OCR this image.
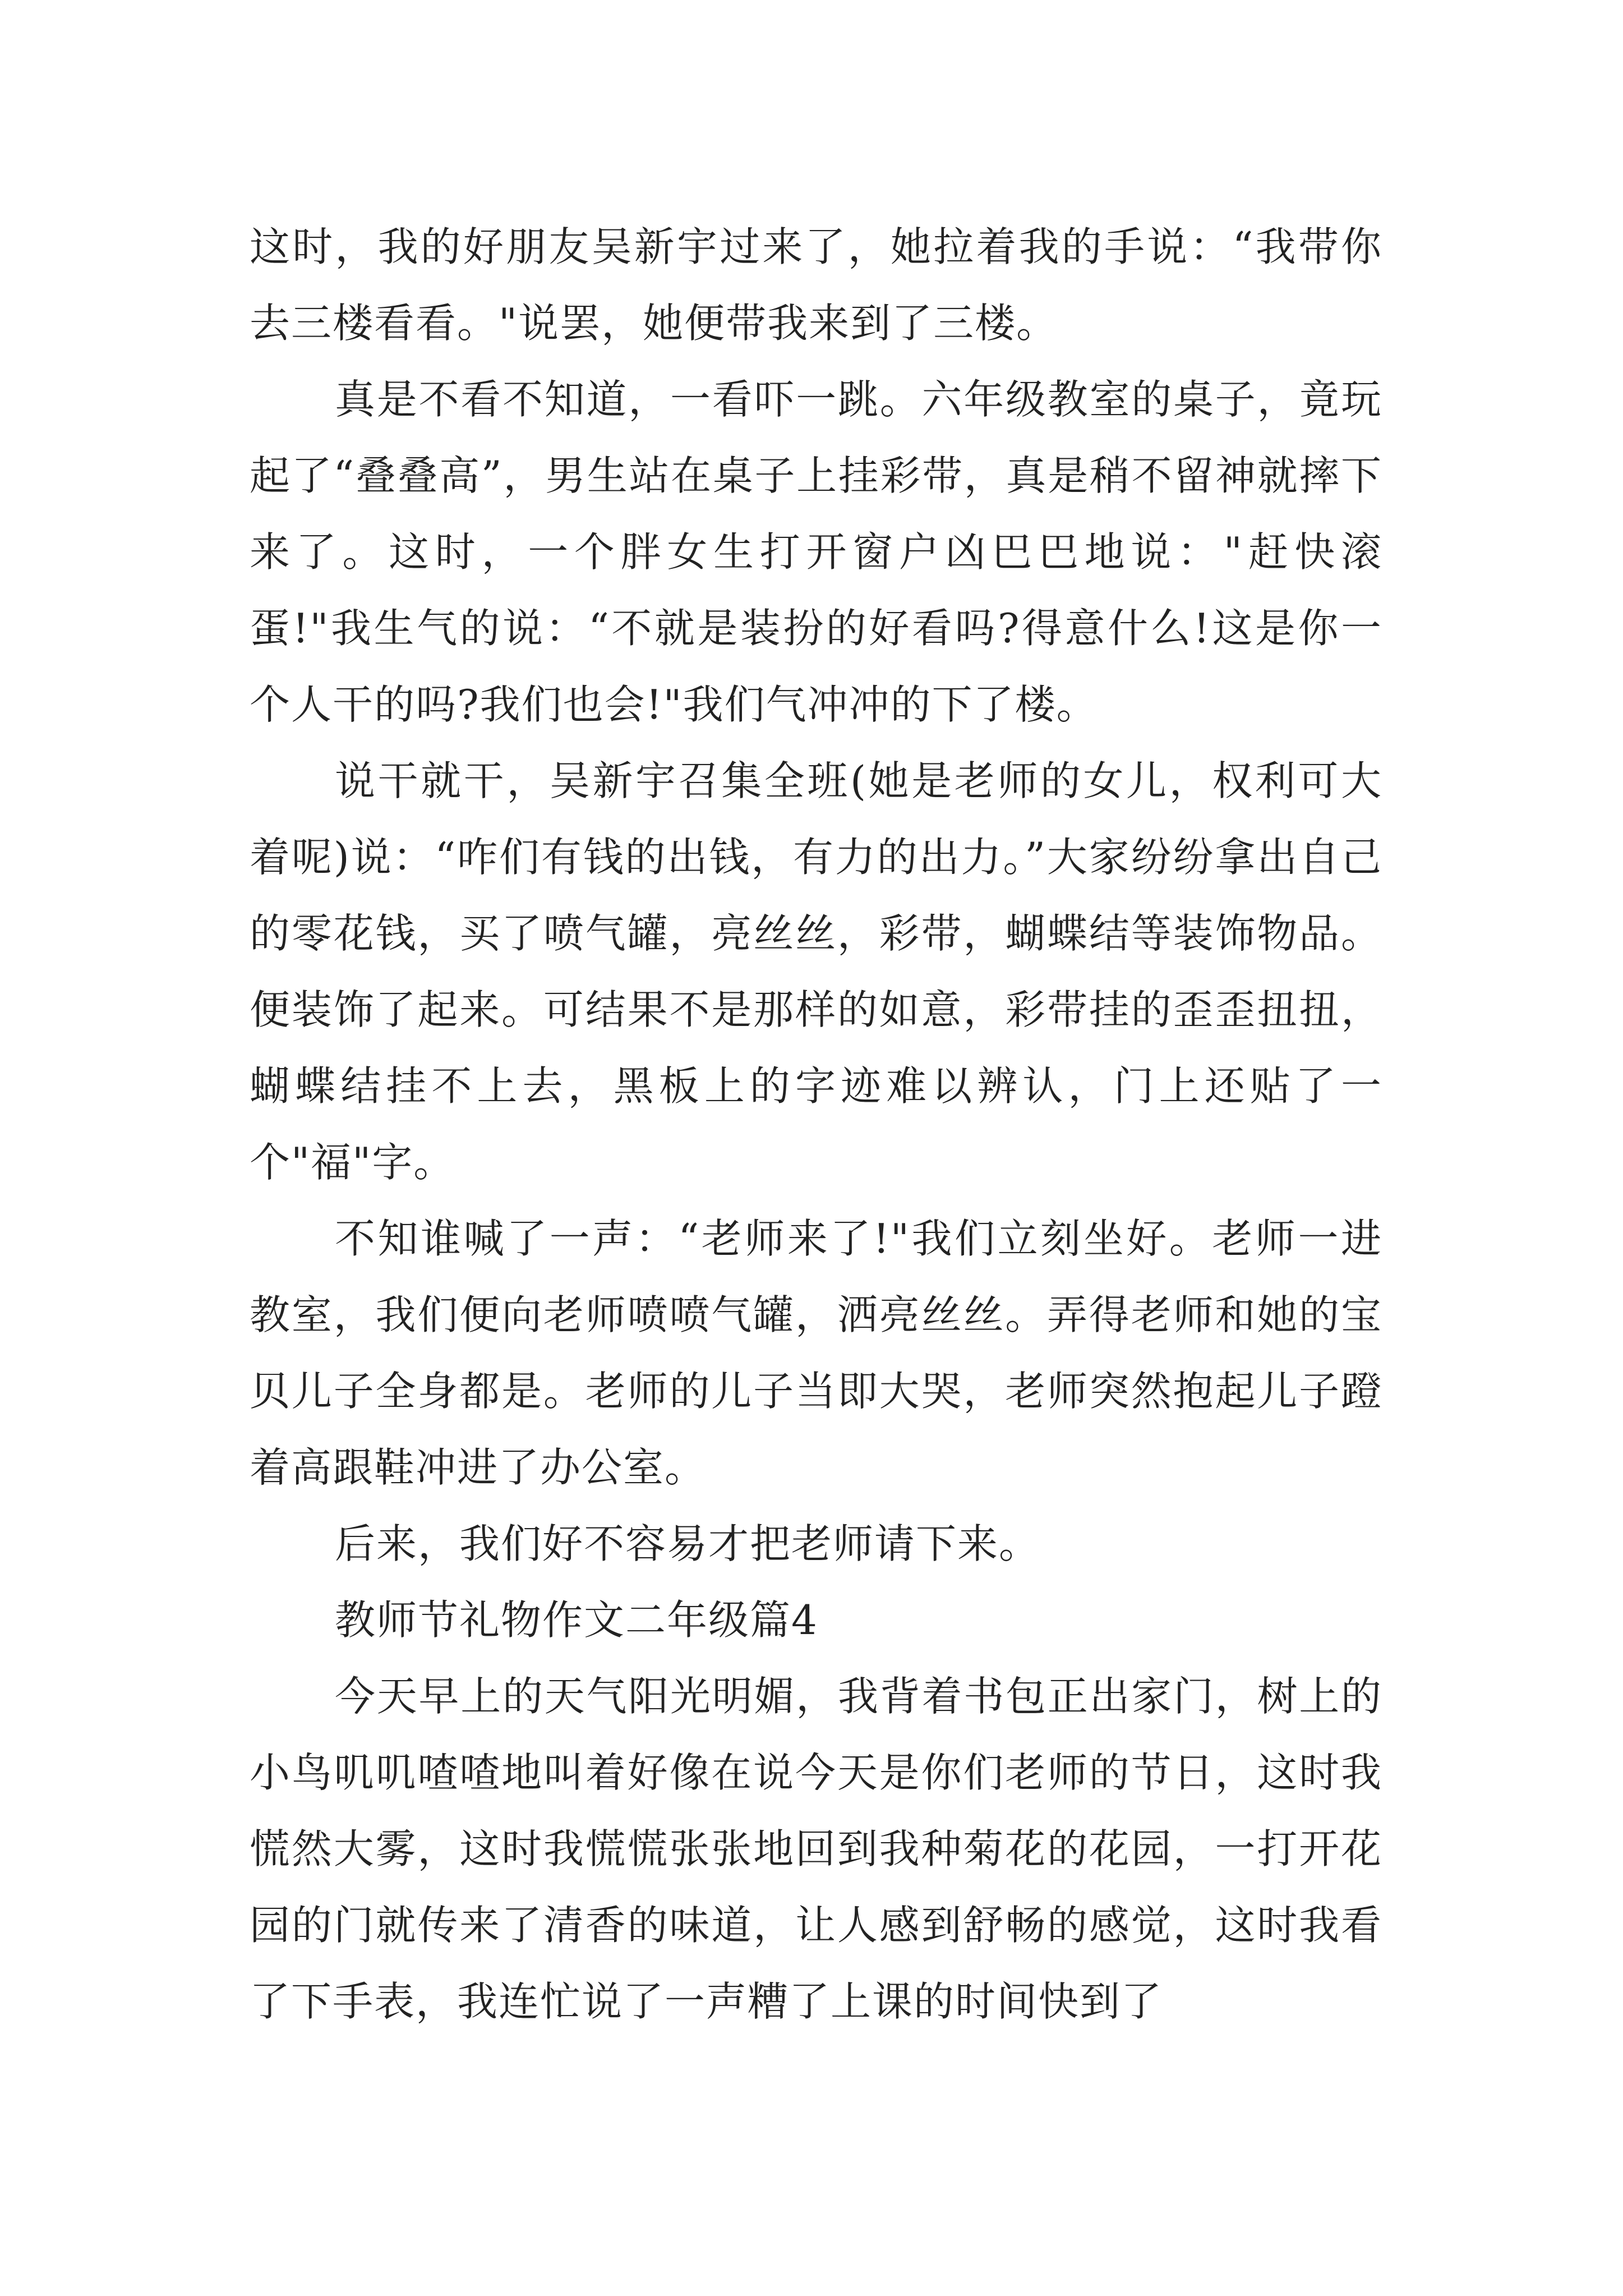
这时，我的好朋友吴新宇过来了，她拉着我的手说：“我带你去三楼看看。"说罢，她便带我来到了三楼。

真是不看不知道，一看吓一跳。六年级教室的桌子，竟玩起了“叠叠高”，男生站在桌子上挂彩带，真是稍不留神就摔下来了。这时，一个胖女生打开窗户凶巴巴地说："赶快滚蛋!"我生气的说：“不就是装扮的好看吗?得意什么!这是你一个人干的吗?我们也会!"我们气冲冲的下了楼。

说干就干，吴新宇召集全班(她是老师的女儿，权利可大着呢)说：“咋们有钱的出钱，有力的出力。”大家纷纷拿出自己的零花钱，买了喷气罐，亮丝丝，彩带，蝴蝶结等装饰物品。便装饰了起来。可结果不是那样的如意，彩带挂的歪歪扭扭，蝴蝶结挂不上去，黑板上的字迹难以辨认，门上还贴了一个"福"字。

不知谁喊了一声：“老师来了!"我们立刻坐好。老师一进教室，我们便向老师喷喷气罐，洒亮丝丝。弄得老师和她的宝贝儿子全身都是。老师的儿子当即大哭，老师突然抱起儿子蹬着高跟鞋冲进了办公室。

后来，我们好不容易才把老师请下来。

教师节礼物作文二年级篇4

今天早上的天气阳光明媚，我背着书包正出家门，树上的小鸟叽叽喳喳地叫着好像在说今天是你们老师的节日，这时我慌然大雾，这时我慌慌张张地回到我种菊花的花园，一打开花园的门就传来了清香的味道，让人感到舒畅的感觉，这时我看了下手表，我连忙说了一声糟了上课的时间快到了
